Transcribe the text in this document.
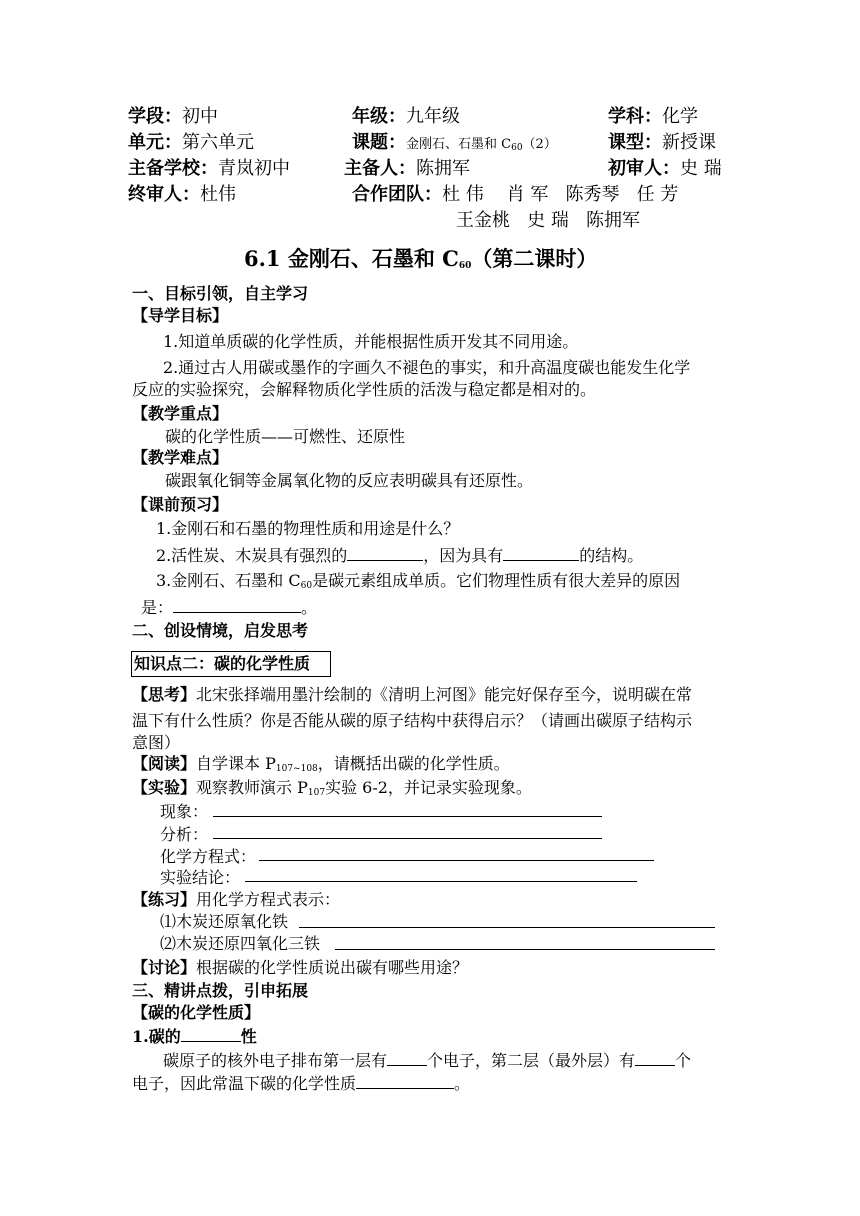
学段：初中	年级：九年级	学科：化学
单元：第六单元	课题：金刚石、石墨和 $C_{60}(2)$	课型：新授课
主备学校：青岚初中	主备人：陈拥军	初审人：史 瑞
终审人：杜伟	合作团队：杜 伟    肖 军   陈秀琴   任 芳
王金桃   史 瑞   陈拥军
6.1 金刚石、石墨和 $C_{60}$（第二课时）
一、目标引领，自主学习
【导学目标】
1.知道单质碳的化学性质，并能根据性质开发其不同用途。
2.通过古人用碳或墨作的字画久不褪色的事实，和升高温度碳也能发生化学
反应的实验探究，会解释物质化学性质的活泼与稳定都是相对的。
【教学重点】
碳的化学性质——可燃性、还原性
【教学难点】
碳跟氧化铜等金属氧化物的反应表明碳具有还原性。
【课前预习】
1.金刚石和石墨的物理性质和用途是什么？
2.活性炭、木炭具有强烈的	，因为具有	的结构。
3.金刚石、石墨和 $C_{60}$是碳元素组成单质。它们物理性质有很大差异的原因
是：	。
二、创设情境，启发思考
知识点二：碳的化学性质
【思考】北宋张择端用墨汁绘制的《清明上河图》能完好保存至今，说明碳在常
温下有什么性质？你是否能从碳的原子结构中获得启示？（请画出碳原子结构示
意图）
【阅读】自学课本 $P_{107\sim 108}$，请概括出碳的化学性质。
【实验】观察教师演示 $P_{107}$实验 6-2，并记录实验现象。
现象：
分析：
化学方程式：
实验结论：
【练习】用化学方程式表示：
⑴木炭还原氧化铁
⑵木炭还原四氧化三铁
【讨论】根据碳的化学性质说出碳有哪些用途？
三、精讲点拨，引申拓展
【碳的化学性质】
1.碳的	性
碳原子的核外电子排布第一层有	个电子，第二层（最外层）有	个
电子，因此常温下碳的化学性质	。
